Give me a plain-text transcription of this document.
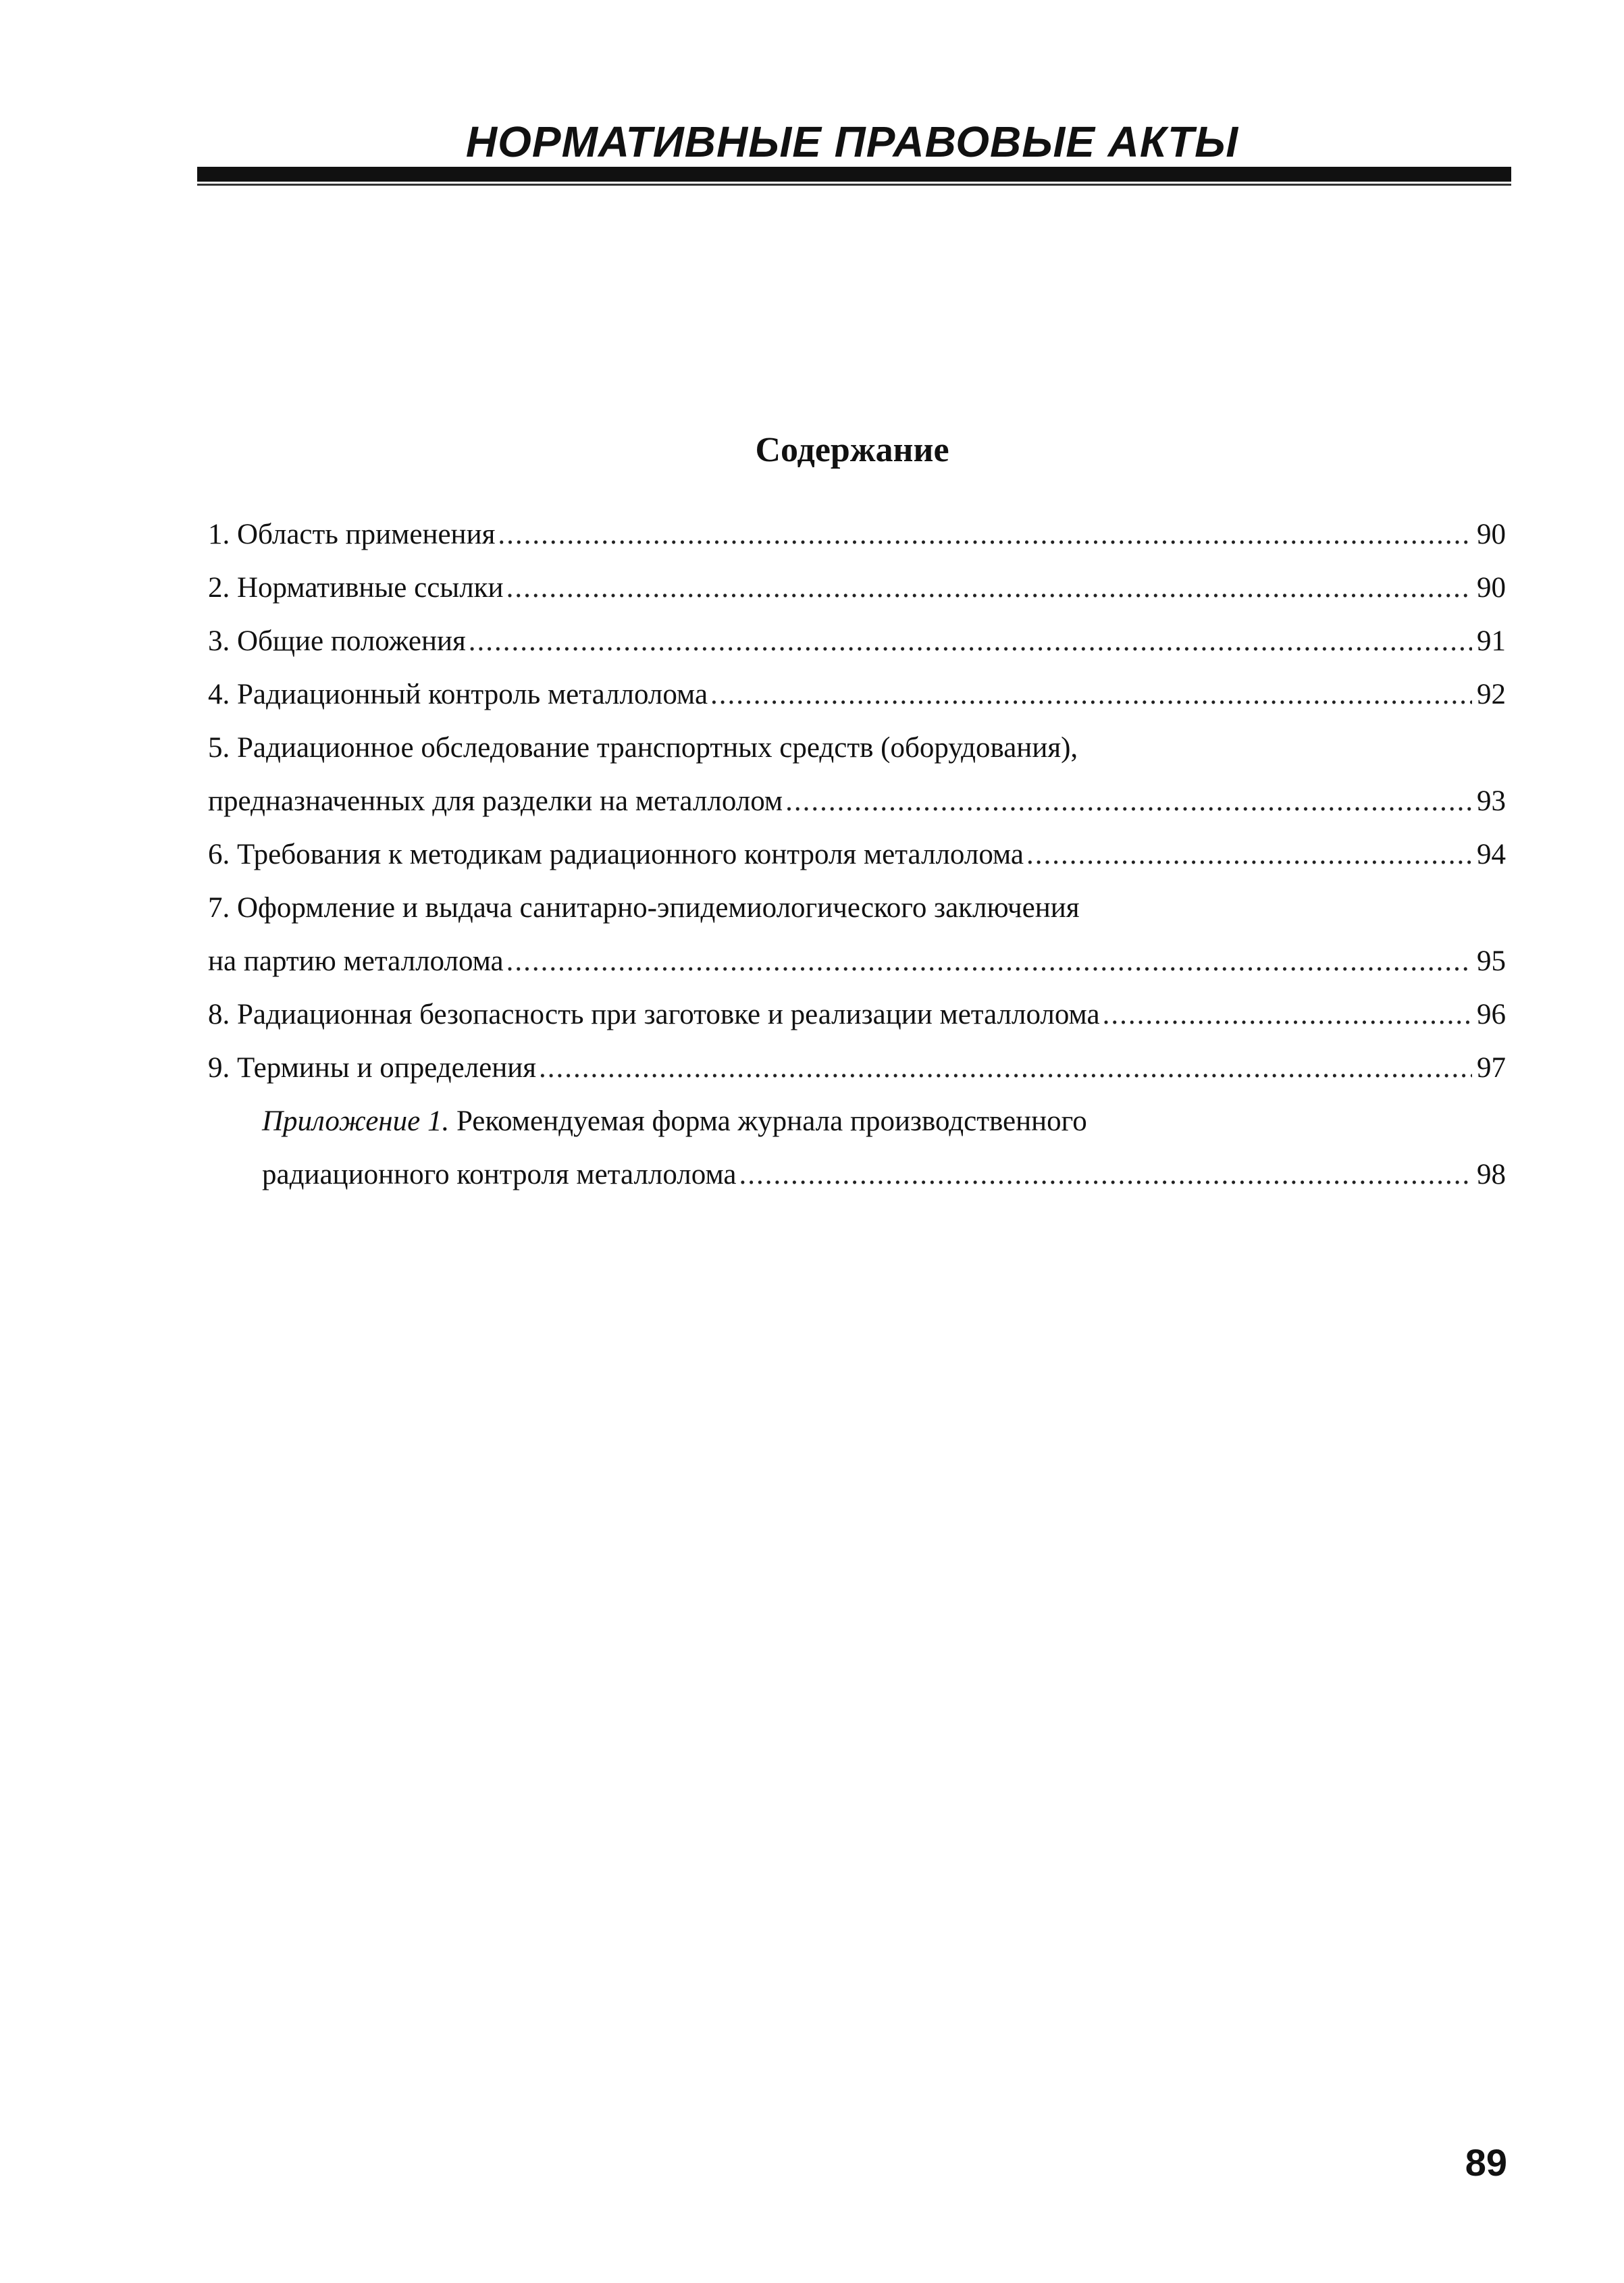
НОРМАТИВНЫЕ ПРАВОВЫЕ АКТЫ
Содержание
1. Область применения .....	90
2. Нормативные ссылки .....	90
3. Общие положения .....	91
4. Радиационный контроль металлолома .....	92
5. Радиационное обследование транспортных средств (оборудования),
предназначенных для разделки на металлолом .....	93
6. Требования к методикам радиационного контроля металлолома .....	94
7. Оформление и выдача санитарно-эпидемиологического заключения
на партию металлолома .....	95
8. Радиационная безопасность при заготовке и реализации металлолома .....	96
9. Термины и определения .....	97
Приложение 1. Рекомендуемая форма журнала производственного
радиационного контроля металлолома .....	98
89
